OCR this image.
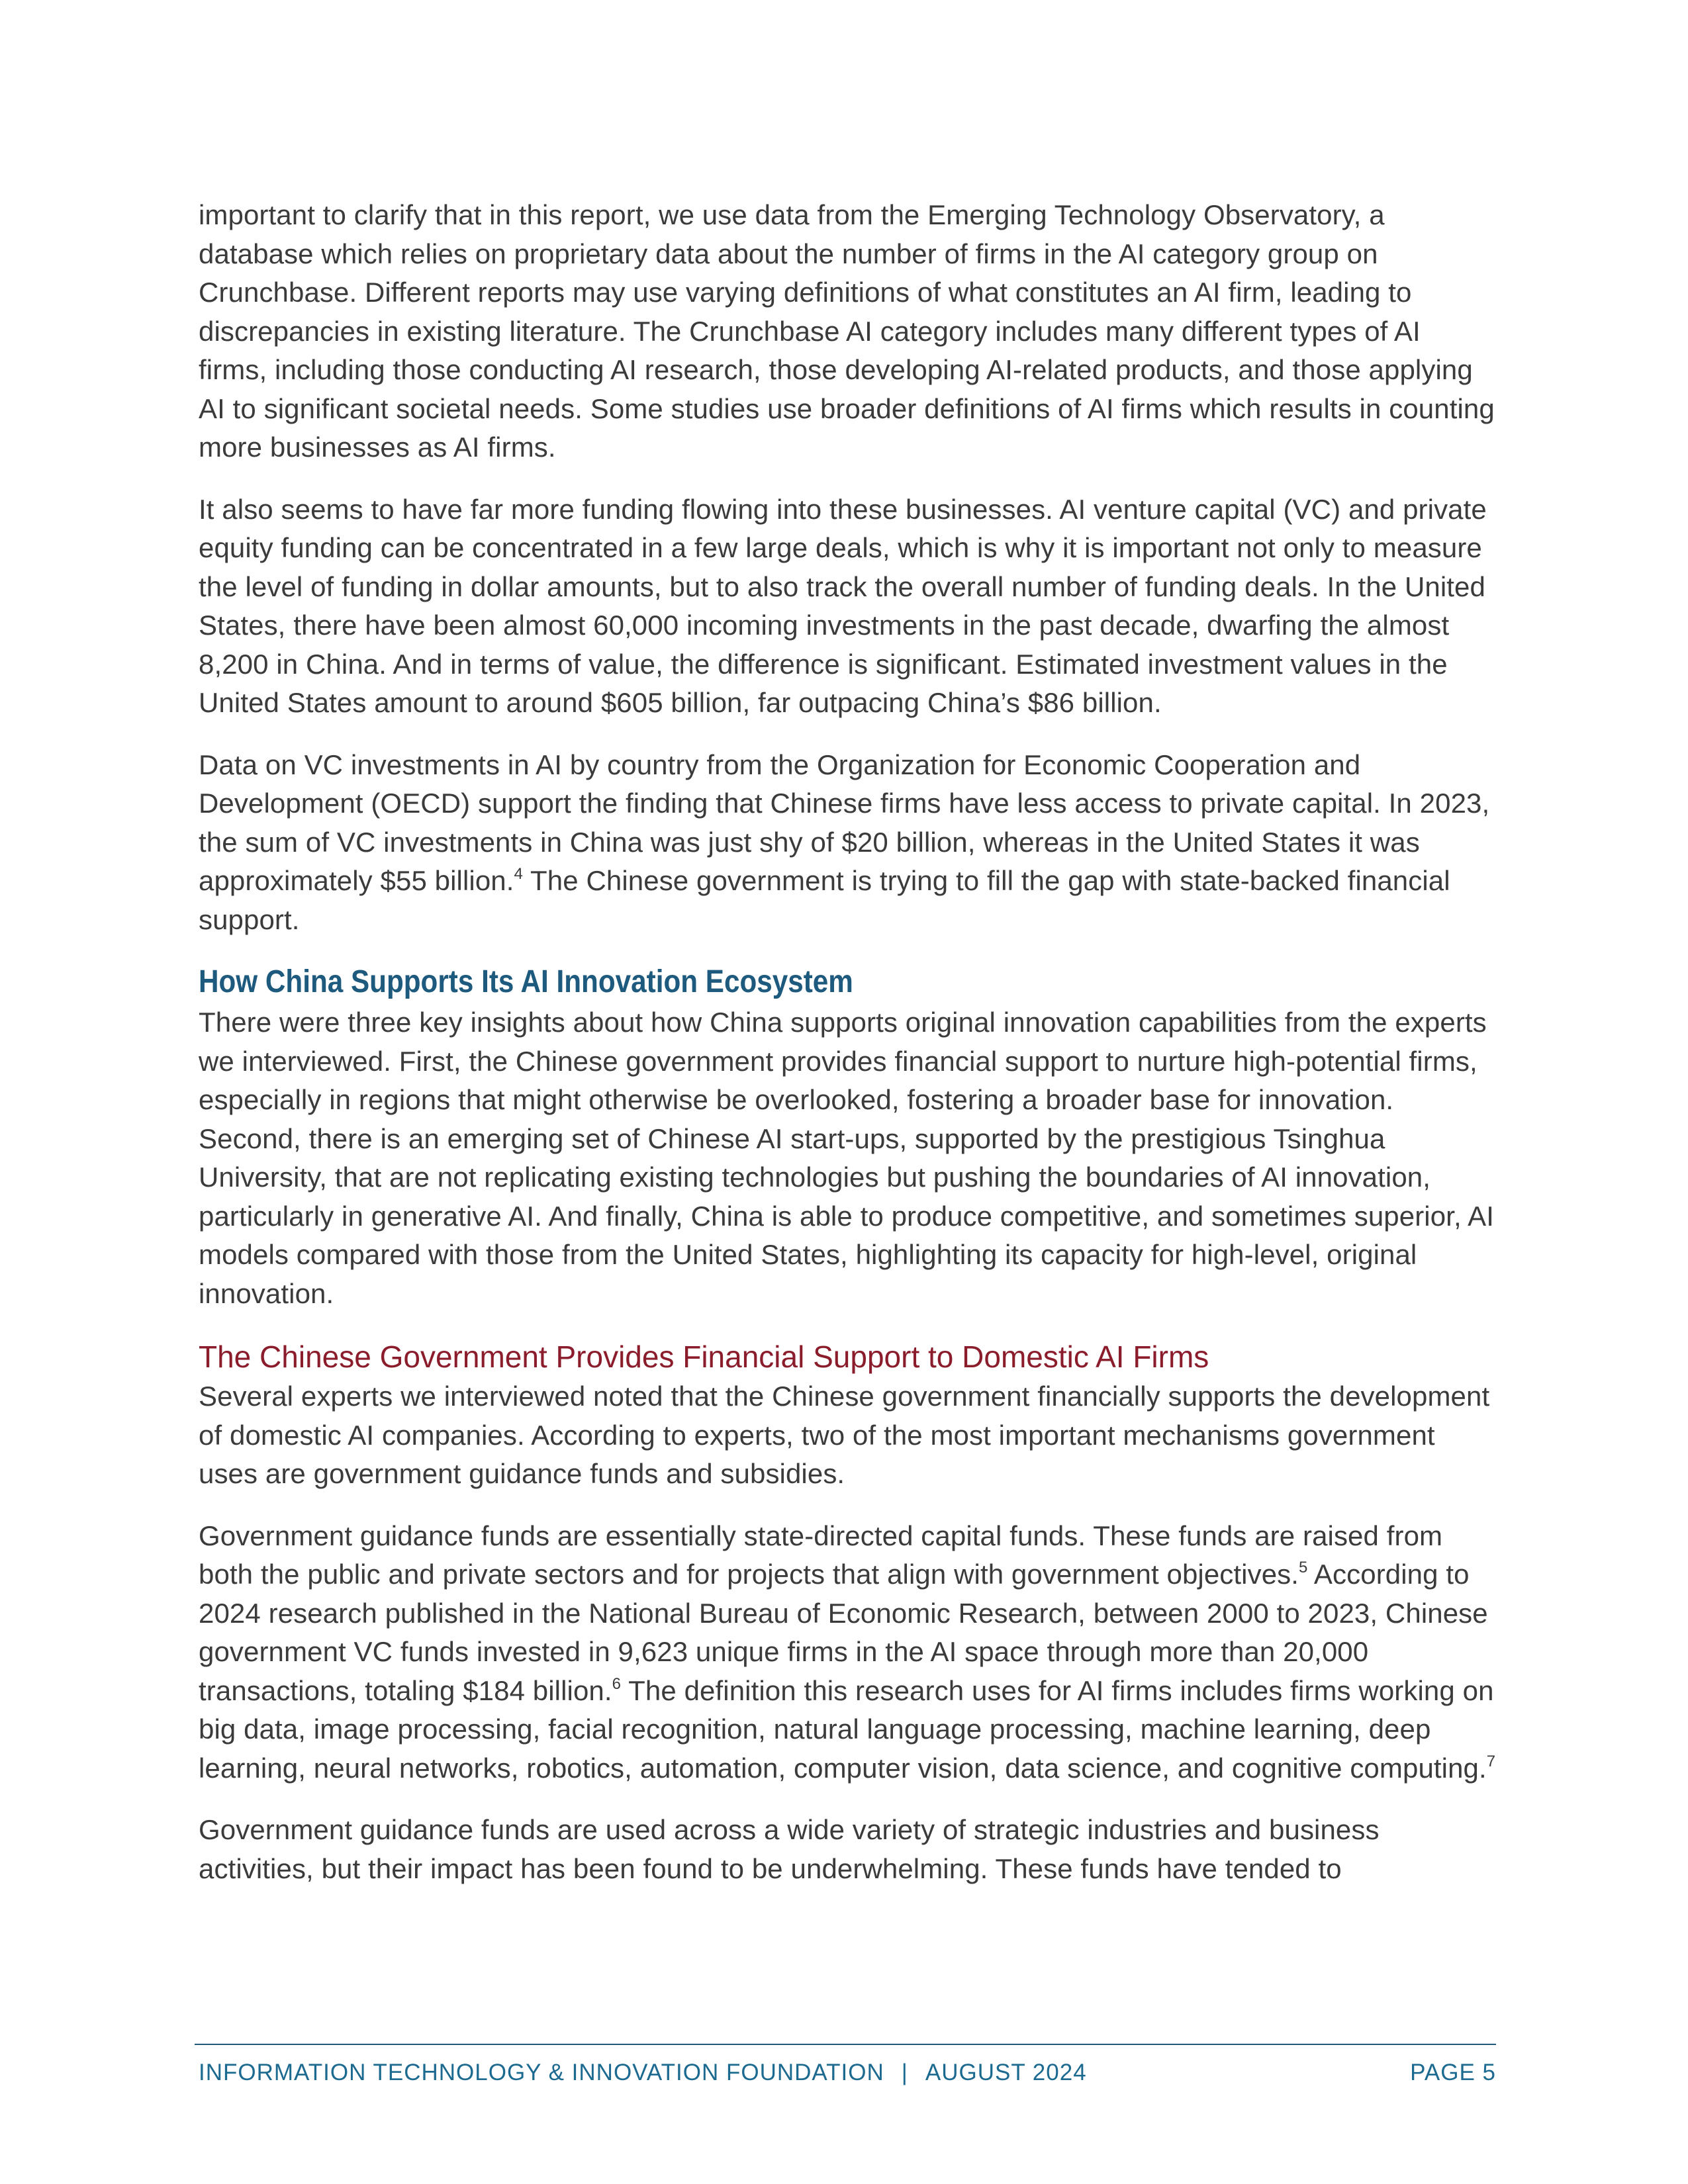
important to clarify that in this report, we use data from the Emerging Technology Observatory, a database which relies on proprietary data about the number of firms in the AI category group on Crunchbase. Different reports may use varying definitions of what constitutes an AI firm, leading to discrepancies in existing literature. The Crunchbase AI category includes many different types of AI firms, including those conducting AI research, those developing AI-related products, and those applying AI to significant societal needs. Some studies use broader definitions of AI firms which results in counting more businesses as AI firms.

It also seems to have far more funding flowing into these businesses. AI venture capital (VC) and private equity funding can be concentrated in a few large deals, which is why it is important not only to measure the level of funding in dollar amounts, but to also track the overall number of funding deals. In the United States, there have been almost 60,000 incoming investments in the past decade, dwarfing the almost 8,200 in China. And in terms of value, the difference is significant. Estimated investment values in the United States amount to around $605 billion, far outpacing China’s $86 billion.

Data on VC investments in AI by country from the Organization for Economic Cooperation and Development (OECD) support the finding that Chinese firms have less access to private capital. In 2023, the sum of VC investments in China was just shy of $20 billion, whereas in the United States it was approximately $55 billion.$^4$ The Chinese government is trying to fill the gap with state-backed financial support.

How China Supports Its AI Innovation Ecosystem

There were three key insights about how China supports original innovation capabilities from the experts we interviewed. First, the Chinese government provides financial support to nurture high-potential firms, especially in regions that might otherwise be overlooked, fostering a broader base for innovation. Second, there is an emerging set of Chinese AI start-ups, supported by the prestigious Tsinghua University, that are not replicating existing technologies but pushing the boundaries of AI innovation, particularly in generative AI. And finally, China is able to produce competitive, and sometimes superior, AI models compared with those from the United States, highlighting its capacity for high-level, original innovation.

The Chinese Government Provides Financial Support to Domestic AI Firms

Several experts we interviewed noted that the Chinese government financially supports the development of domestic AI companies. According to experts, two of the most important mechanisms government uses are government guidance funds and subsidies.

Government guidance funds are essentially state-directed capital funds. These funds are raised from both the public and private sectors and for projects that align with government objectives.$^5$ According to 2024 research published in the National Bureau of Economic Research, between 2000 to 2023, Chinese government VC funds invested in 9,623 unique firms in the AI space through more than 20,000 transactions, totaling $184 billion.$^6$ The definition this research uses for AI firms includes firms working on big data, image processing, facial recognition, natural language processing, machine learning, deep learning, neural networks, robotics, automation, computer vision, data science, and cognitive computing.$^7$

Government guidance funds are used across a wide variety of strategic industries and business activities, but their impact has been found to be underwhelming. These funds have tended to

INFORMATION TECHNOLOGY & INNOVATION FOUNDATION | AUGUST 2024	PAGE 5
